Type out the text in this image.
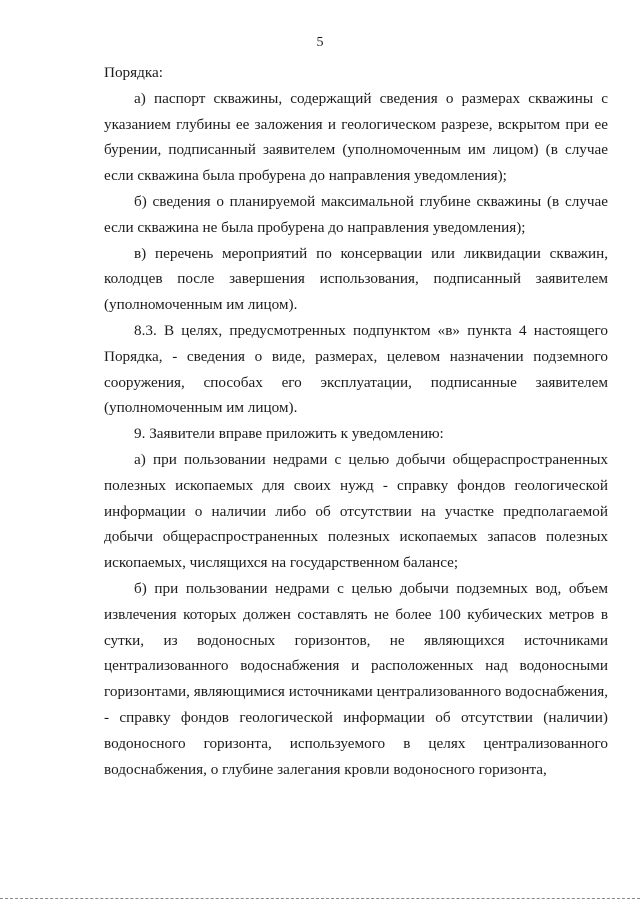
5

Порядка:

а) паспорт скважины, содержащий сведения о размерах скважины с указанием глубины ее заложения и геологическом разрезе, вскрытом при ее бурении, подписанный заявителем (уполномоченным им лицом) (в случае если скважина была пробурена до направления уведомления);

б) сведения о планируемой максимальной глубине скважины (в случае если скважина не была пробурена до направления уведомления);

в) перечень мероприятий по консервации или ликвидации скважин, колодцев после завершения использования, подписанный заявителем (уполномоченным им лицом).

8.3. В целях, предусмотренных подпунктом «в» пункта 4 настоящего Порядка, - сведения о виде, размерах, целевом назначении подземного сооружения, способах его эксплуатации, подписанные заявителем (уполномоченным им лицом).

9. Заявители вправе приложить к уведомлению:

а) при пользовании недрами с целью добычи общераспространенных полезных ископаемых для своих нужд - справку фондов геологической информации о наличии либо об отсутствии на участке предполагаемой добычи общераспространенных полезных ископаемых запасов полезных ископаемых, числящихся на государственном балансе;

б) при пользовании недрами с целью добычи подземных вод, объем извлечения которых должен составлять не более 100 кубических метров в сутки, из водоносных горизонтов, не являющихся источниками централизованного водоснабжения и расположенных над водоносными горизонтами, являющимися источниками централизованного водоснабжения, - справку фондов геологической информации об отсутствии (наличии) водоносного горизонта, используемого в целях централизованного водоснабжения, о глубине залегания кровли водоносного горизонта,
